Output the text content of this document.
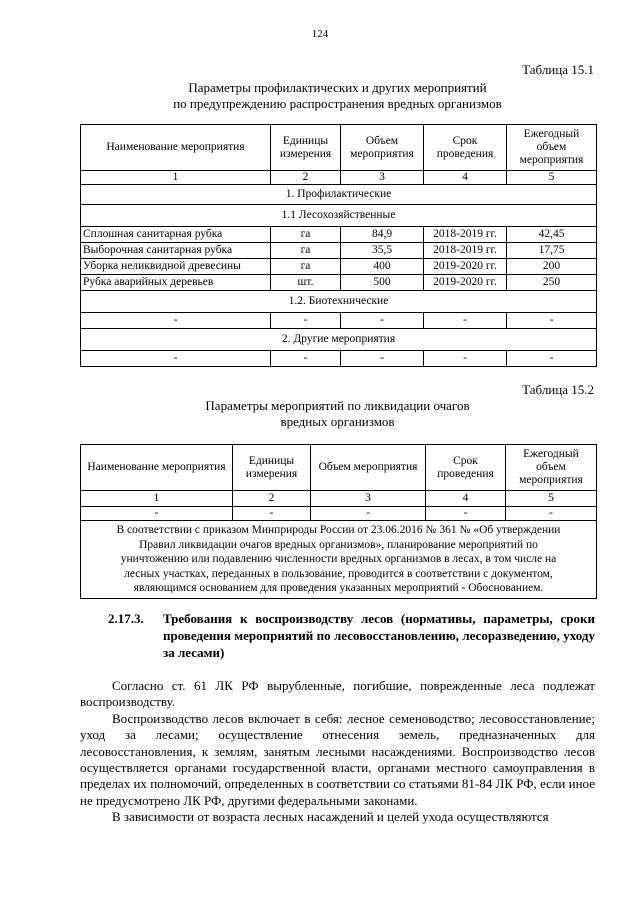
124
Таблица 15.1
Параметры профилактических и других мероприятий
по предупреждению распространения вредных организмов
Наименование мероприятия	Единицы измерения	Объем мероприятия	Срок проведения	Ежегодный объем мероприятия
1	2	3	4	5
1. Профилактические				
1.1 Лесохозяйственные				
Сплошная санитарная рубка	га	84,9	2018-2019 гг.	42,45
Выборочная санитарная рубка	га	35,5	2018-2019 гг.	17,75
Уборка неликвидной древесины	га	400	2019-2020 гг.	200
Рубка аварийных деревьев	шт.	500	2019-2020 гг.	250
1.2. Биотехнические				
-	-	-	-	-
2. Другие мероприятия				
-	-	-	-	-
Таблица 15.2
Параметры мероприятий по ликвидации очагов
вредных организмов
Наименование мероприятия	Единицы измерения	Объем мероприятия	Срок проведения	Ежегодный объем мероприятия
1	2	3	4	5
-	-	-	-	-

В соответствии с приказом Минприроды России от 23.06.2016 № 361 № «Об утверждении
Правил ликвидации очагов вредных организмов», планирование мероприятий по
уничтожению или подавлению численности вредных организмов в лесах, в том числе на
лесных участках, переданных в пользование, проводится в соответствии с документом,
являющимся основанием для проведения указанных мероприятий - Обоснованием.				
2.17.3. Требования к воспроизводству лесов (нормативы, параметры, сроки проведения мероприятий по лесовосстановлению, лесоразведению, уходу за лесами)

Согласно ст. 61 ЛК РФ вырубленные, погибшие, поврежденные леса подлежат воспроизводству.

Воспроизводство лесов включает в себя: лесное семеноводство; лесовосстановление; уход за лесами; осуществление отнесения земель, предназначенных для лесовосстановления, к землям, занятым лесными насаждениями. Воспроизводство лесов осуществляется органами государственной власти, органами местного самоуправления в пределах их полномочий, определенных в соответствии со статьями 81-84 ЛК РФ, если иное не предусмотрено ЛК РФ, другими федеральными законами.

В зависимости от возраста лесных насаждений и целей ухода осуществляются
